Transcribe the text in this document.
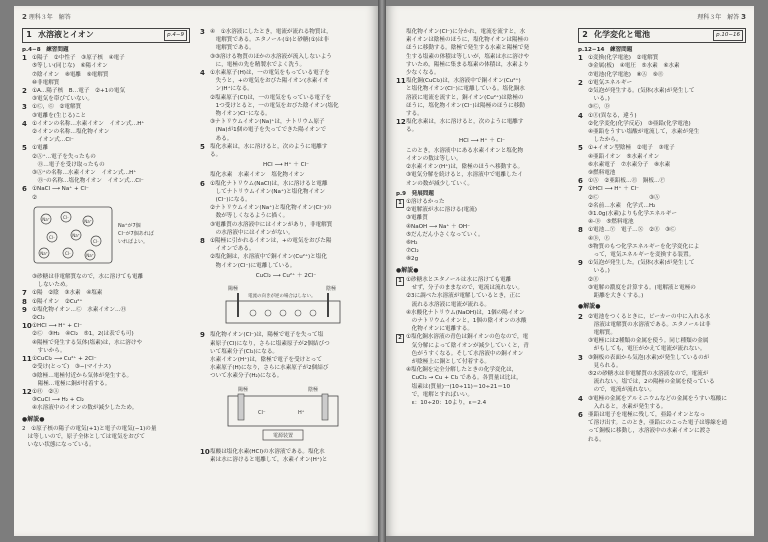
2 理科３年　解答
1 水溶液とイオン	p.4−9
p.4−8　練習問題
1 ①陽子　②中性子　③原子核　④電子
⑤等しい(同じな)　⑥陽イオン
⑦陰イオン　⑧電離　⑨電解質
⑩非電解質
2 ①A…陽子核　B…電子　②+1の電気
③電気を帯びていない。
3 ①Ⓒ，Ⓖ　②電解質
③電離を(生じる)こと
4 ①イオンの名称…水素イオン　イオン式…H⁺
②イオンの名称…塩化物イオン
　イオン式…Cl⁻
5 ①電離
②Ⓐ⁺…電子を失ったもの
　Ⓑ…電子を受け取ったもの
③Ⓐ⁺の名称…水素イオン　イオン式…H⁺
　Ⓑ⁻の名称…塩化物イオン　イオン式…Cl⁻
6 ①NaCl ⟶ Na⁺ + Cl⁻
②
Na⁺	Cl⁻
Na⁺
Cl⁻	Na⁺
Cl⁻
Na⁺	Cl⁻	Na⁺
Na⁺が7個
Cl⁻が7個あれば
いればよい。
③砂糖は非電解質なので，水に溶けても電離
　しないため。
7 ①陽　②陰　③水素　④塩素
8 ①陽イオン　②Cu²⁺
9 ①塩化物イオン…Ⓒ　水素イオン…Ⓗ
②Cl₂
10 ①HCl ⟶ H⁺ + Cl⁻
②Ⓒ　③H₂　④Cl₂　⑤1，2(は表でも可)
④陽極で発生する気体(塩素)は，水に溶けや
　すいから。
11 ①CuCl₂ ⟶ Cu²⁺ + 2Cl⁻
②受け(とって)　③−(マイナス)
③陰極…電極付近から気体が発生する。
　陽極…電極に銅が付着する。
12 ①Ⓗ　②Ⓐ
③CuCl ⟶ H₂ + Cl₂
④水溶液中のイオンの数が減少したため。
●解説●
2　①原子核の陽子の電気(+1)と電子の電気(−1)の量
　は等しいので，原子全体としては電気をおびて
　いない状態になっている。
3 ④　①水溶液にしたとき，電流が流れる物質は，
　電解質である。エタノール(①)と砂糖(①)は非
　電解質である。
③③溶ける物質のほかの水溶液が流入しないよう
　に，電極の先を精製水でよく洗う。
4 ①水素原子(H)は，一の電気をもっている電子を
　失うと，+の電気をおびた陽イオン(水素イオ
　ン)H⁺になる。
②塩素原子(Cl)は，一の電気をもっている電子を
　1つ受けとると，一の電気をおびた陰イオン(塩化
　物イオン)Cl⁻になる。
③ナトリウムイオン(Na)⁺は，ナトリウム原子
　(Na)が1個の電子を失ってできた陽イオンで
　ある。
5 塩化水素は，水に溶けると，次のように電離す
る。
HCl ⟶ H⁺ ＋ Cl⁻
塩化水素　水素イオン　塩化物イオン
6 ①塩化ナトリウム(NaCl)は，水に溶けると電離
　してナトリウムイオン(Na⁺)と塩化物イオン
　(Cl⁻)になる。
②ナトリウムイオン(Na⁺)と塩化物イオン(Cl⁻)の
　数が等しくなるように描く。
③電離質の水溶液中にはイオンがあり，非電解質
　の水溶液中にはイオンがない。
8 ①陽極に引かれるイオンは，+の電気をおびた陽
　イオンである。
②塩化銅は，水溶液中で銅イオン(Cu²⁺)と塩化
　物イオン(Cl⁻)に電離している。
CuCl₂ ⟶ Cu²⁺ ＋ 2Cl⁻
陽極	陰極
電流の向きが逆の場合はしない。
9 塩化物イオン(Cl⁻)は，陽極で電子を失って塩
素原子(Cl)になり，さらに塩素原子が2個結びつ
いて塩素分子(Cl₂)になる。
水素イオン(H⁺)は，陰極で電子を受けとって
水素原子(H)になり，さらに水素原子が2個結び
ついて水素分子(H₂)になる。
陽極	陰極
Cl⁻	H⁺
電源装置
10 塩酸は塩化水素(HCl)の水溶液である。塩化水
素は水に溶けると電離して，水素イオン(H⁺)と
理科３年　解答 3
塩化物イオン(Cl⁻)に分かれ，電流を流すと，水
素イオンは陰極のほうに，塩化物イオンは陽極の
ほうに移動する。陰極で発生する水素と陽極で発
生する塩素の体積は等しいが，塩素は水に溶けや
すいため，陽極に集まる塩素の体積は，水素より
少なくなる。
11 塩化銅(CuCl₂)は，水溶液中で銅イオン(Cu²⁺)
と塩化物イオン(Cl⁻)に電離している。塩化銅水
溶液に電流を流すと，銅イオン(Cu²⁺)は陰極の
ほうに，塩化物イオン(Cl⁻)は陽極のほうに移動
する。
12 塩化水素は，水に溶けると，次のように電離す
る。
HCl ⟶ H⁺ ＋ Cl⁻
このとき，水溶液中にある水素イオンと塩化物
イオンの数は等しい。
②水素イオン(H⁺)は，陰極のほうへ移動する。
③電気分解を続けると，水溶液中で電離したイ
オンの数が減少していく。
p.9　発展問題
1 ①溶けるかった
②電解液が水に溶ける(電流)
③電離質
④NaOH ⟶ Na⁺ ＋ OH⁻
⑤だんだん小さくなっていく。
⑥H₂
⑦Cl₂
⑧2g
●解説●
1 ①砂糖水とエタノールは水に溶けても電離
　せず，分子のままなので，電流は流れない。
②3に調べた水溶液が電解しているとき，正に
　流れる水溶液に電流が流れる。
④水酸化ナトリウム(NaOH)は，1個の陽イオン
　のナトリウムイオンと，1個の陰イオンの水酸
　化物イオンに電離する。
2 ①塩化銅水溶液の青色は銅イオンの色なので，電
　気分解によって陰イオンが減少していくと，青
　色がうすくなる。そして水溶液中の銅イオン
　が陰極上に銅として付着する。
④塩化銅を完全分解したときの化学変化は，
　CuCl₂ → Cu + Cl₂ である。各質量は比は，
　塩素は(質量)一(10÷11)＝10÷21＝10
　で，電解とすればいい。
　ε：10÷20：10より，ε＝2.4
2 化学変化と電池	p.10−16
p.12−14　練習問題
1 ①変換(化学電池)　②電解質
③金属(板)　④電圧　⑤水素　⑥水素
⑦電池(化学電池)　⑧Ⓐ　⑨Ⓔ
2 ①電気エネルギー
②気泡が発生する。(気体(水素)が発生して
　いる。)
③Ⓒ，Ⓓ
4 ①Ⓔ(異なる，違う)
②化学変化(化学反応)　③亜鉛(化学電池)
④亜鉛をうすい塩酸が電流して，水素が発生
　したから。
5 ①+イオン型陰極　②電子　③電子
④亜鉛イオン　⑤水素イオン
⑥水素電子　⑦水素分子　⑧水素
⑨燃料電池
6 ①Ⓐ　②亜鉛板…Ⓔ　銅板…Ⓕ
7 ①HCl ⟶ H⁺ ＋ Cl⁻
②Ⓒ　　　　　　　　　③Ⓐ
②名前…水素　化学式…H₂
③1.0g(水素)よりも化学エネルギー
④-Ⓓ　⑤燃料電池
8 ①電池…Ⓨ　電子…Ⓧ　②Ⓔ　③Ⓒ
④Ⓓ，Ⓔ
⑤物質のもつ化学エネルギーを化学変化によ
　って，電気エネルギーを変換する装置。
9 ①気泡が発生した。(気体(水素)が発生して
　いる。)
②Ⓔ
③電解の濃度を計算する。(電解液と電極の
　距離を大きくする。)
●解説●
2 ②電池をつくるときに，ビーカーの中に入れる水
　溶液は電解質の水溶液である。エタノールは非
　電解質。
③電極には2種類の金属を使う。同じ種類の金属
　がもしても，電圧がかえて電流が流れない。
3 ③銅板の表面から気泡(水素)が発生しているのが
　見られる。
⑤2の砂糖水は非電解質の水溶液なので，電流が
　流れない。塩では，2の陽極の金属を使っている
　ので，電流が流れない。
4 ③電極の金属をアルミニウムなどの金属をうすい塩酸に
　入れると，水素が発生する。
6 亜鉛は電子を電極に残して，亜鉛イオンとなっ
て溶け出す。このとき，亜鉛にのこった電子は導線を通
って銅板に移動し，水溶液中の水素イオンに渡さ
れる。
